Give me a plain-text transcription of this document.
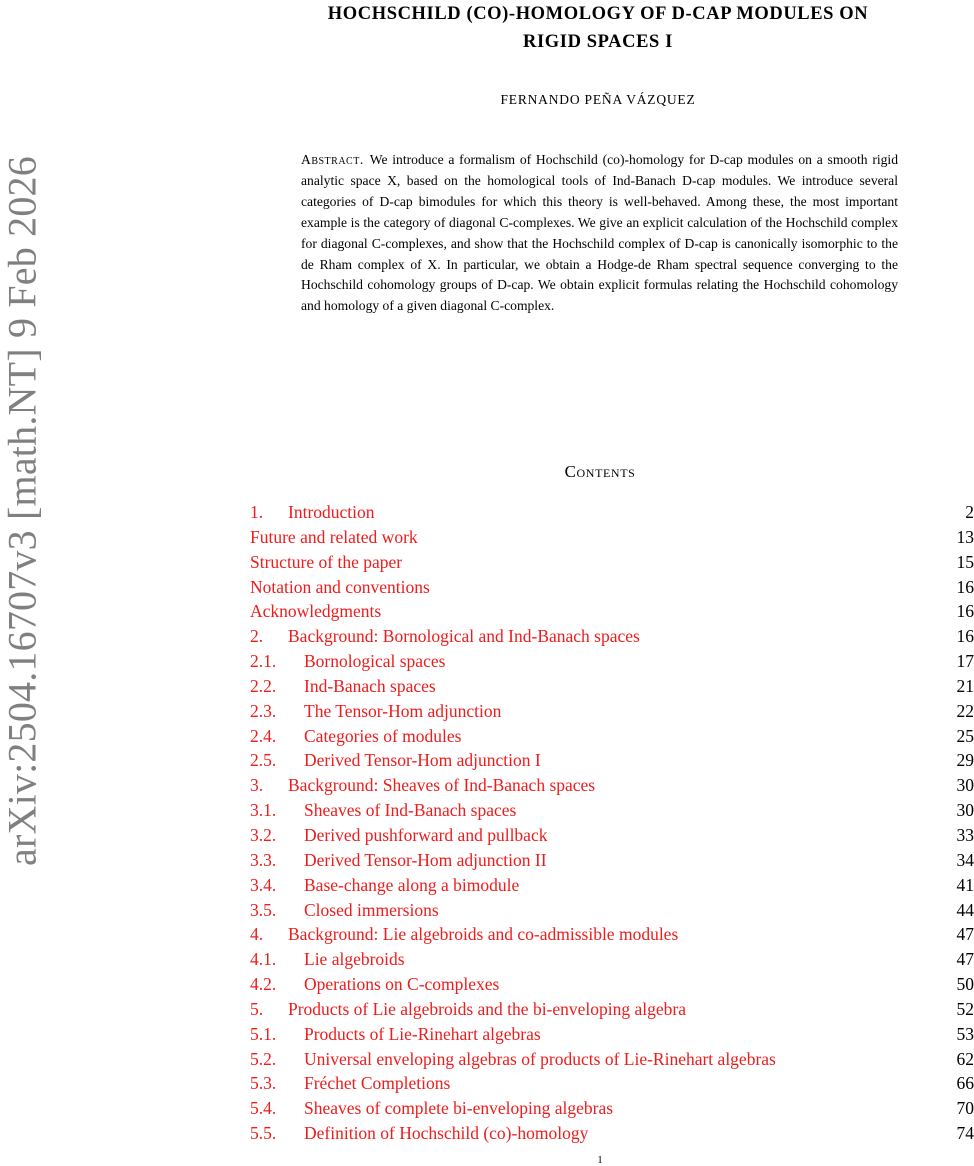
arXiv:2504.16707v3 [math.NT] 9 Feb 2026
HOCHSCHILD (CO)-HOMOLOGY OF D-CAP MODULES ON
RIGID SPACES I
FERNANDO PEÑA VÁZQUEZ
Abstract. We introduce a formalism of Hochschild (co)-homology for D-cap modules on a smooth rigid analytic space X, based on the homological tools of Ind-Banach D-cap modules. We introduce several categories of D-cap bimodules for which this theory is well-behaved. Among these, the most important example is the category of diagonal C-complexes. We give an explicit calculation of the Hochschild complex for diagonal C-complexes, and show that the Hochschild complex of D-cap is canonically isomorphic to the de Rham complex of X. In particular, we obtain a Hodge-de Rham spectral sequence converging to the Hochschild cohomology groups of D-cap. We obtain explicit formulas relating the Hochschild cohomology and homology of a given diagonal C-complex.
Contents
1. Introduction	2
Future and related work	13
Structure of the paper	15
Notation and conventions	16
Acknowledgments	16
2. Background: Bornological and Ind-Banach spaces	16
2.1. Bornological spaces	17
2.2. Ind-Banach spaces	21
2.3. The Tensor-Hom adjunction	22
2.4. Categories of modules	25
2.5. Derived Tensor-Hom adjunction I	29
3. Background: Sheaves of Ind-Banach spaces	30
3.1. Sheaves of Ind-Banach spaces	30
3.2. Derived pushforward and pullback	33
3.3. Derived Tensor-Hom adjunction II	34
3.4. Base-change along a bimodule	41
3.5. Closed immersions	44
4. Background: Lie algebroids and co-admissible modules	47
4.1. Lie algebroids	47
4.2. Operations on C-complexes	50
5. Products of Lie algebroids and the bi-enveloping algebra	52
5.1. Products of Lie-Rinehart algebras	53
5.2. Universal enveloping algebras of products of Lie-Rinehart algebras	62
5.3. Fréchet Completions	66
5.4. Sheaves of complete bi-enveloping algebras	70
5.5. Definition of Hochschild (co)-homology	74
1
